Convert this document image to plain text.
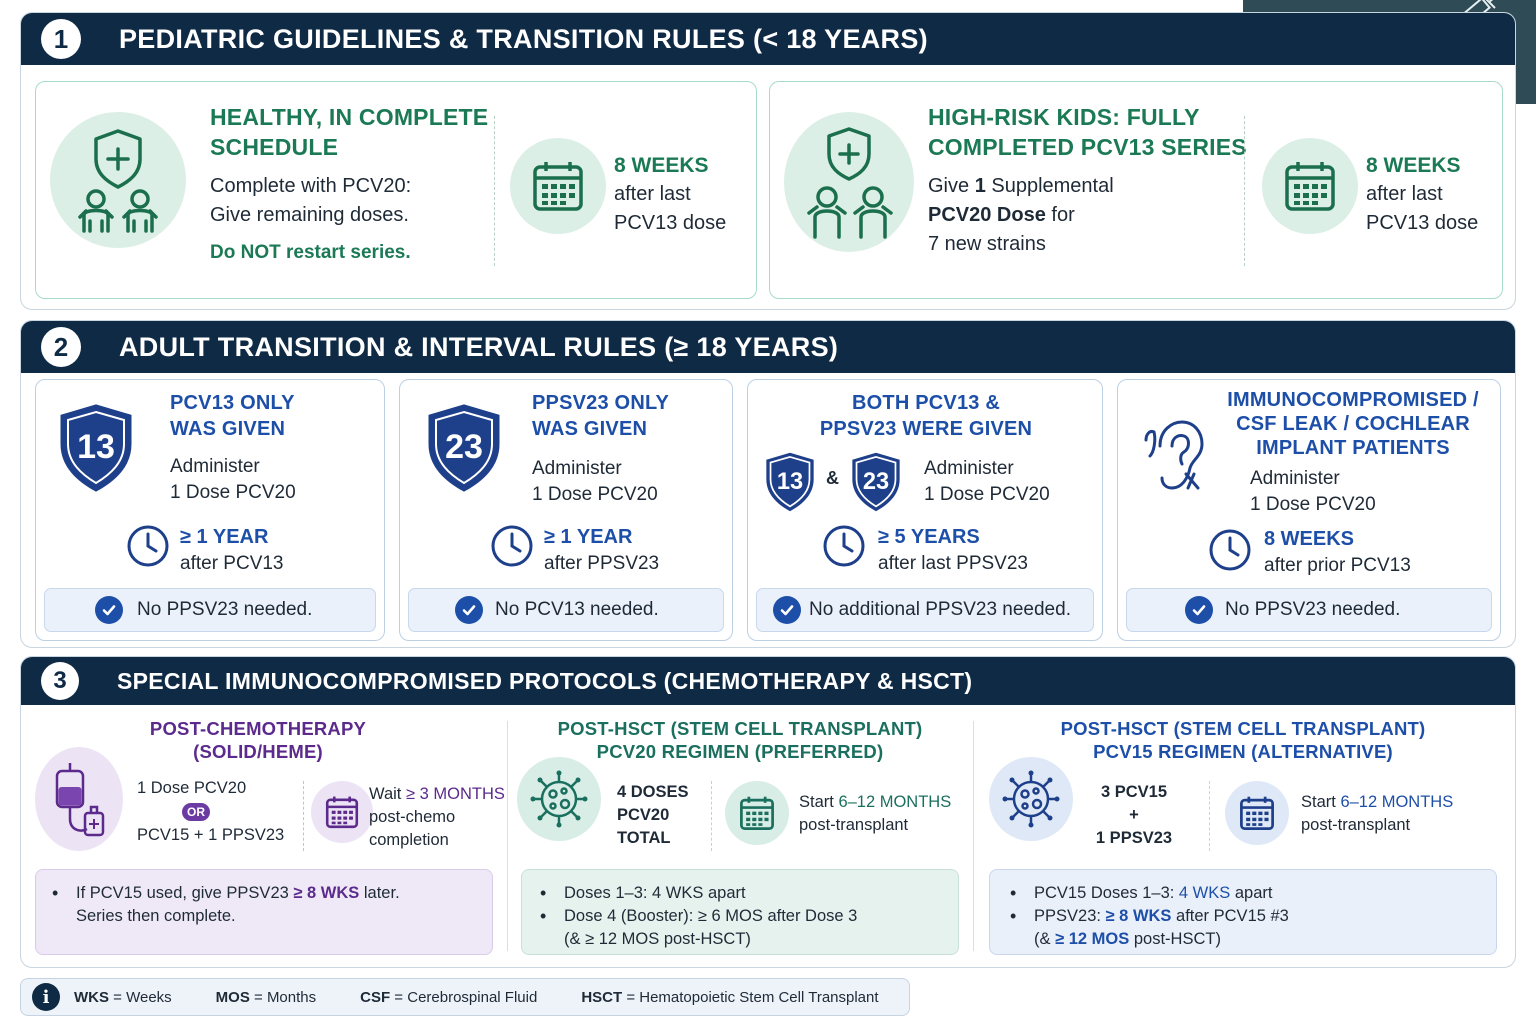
1	PEDIATRIC GUIDELINES & TRANSITION RULES (< 18 YEARS)
HEALTHY, IN COMPLETE
SCHEDULE
Complete with PCV20:
Give remaining doses.
Do NOT restart series.
8 WEEKS
after last
PCV13 dose
HIGH-RISK KIDS: FULLY
COMPLETED PCV13 SERIES
Give 1 Supplemental
PCV20 Dose for
7 new strains
8 WEEKS
after last
PCV13 dose
2	ADULT TRANSITION & INTERVAL RULES (≥ 18 YEARS)
13
PCV13 ONLY
WAS GIVEN
Administer
1 Dose PCV20
≥ 1 YEAR
after PCV13
No PPSV23 needed.
23
PPSV23 ONLY
WAS GIVEN
Administer
1 Dose PCV20
≥ 1 YEAR
after PPSV23
No PCV13 needed.
BOTH PCV13 &
PPSV23 WERE GIVEN
13 & 23
Administer
1 Dose PCV20
≥ 5 YEARS
after last PPSV23
No additional PPSV23 needed.
IMMUNOCOMPROMISED /
CSF LEAK / COCHLEAR
IMPLANT PATIENTS
Administer
1 Dose PCV20
8 WEEKS
after prior PCV13
No PPSV23 needed.
3	SPECIAL IMMUNOCOMPROMISED PROTOCOLS (CHEMOTHERAPY & HSCT)
POST-CHEMOTHERAPY
(SOLID/HEME)
1 Dose PCV20
OR
PCV15 + 1 PPSV23
Wait ≥ 3 MONTHS
post-chemo
completion
• If PCV15 used, give PPSV23 ≥ 8 WKS later.
Series then complete.
POST-HSCT (STEM CELL TRANSPLANT)
PCV20 REGIMEN (PREFERRED)
4 DOSES
PCV20
TOTAL
Start 6–12 MONTHS
post-transplant
• Doses 1–3: 4 WKS apart
• Dose 4 (Booster): ≥ 6 MOS after Dose 3
(& ≥ 12 MOS post-HSCT)
POST-HSCT (STEM CELL TRANSPLANT)
PCV15 REGIMEN (ALTERNATIVE)
3 PCV15
+
1 PPSV23
Start 6–12 MONTHS
post-transplant
• PCV15 Doses 1–3: 4 WKS apart
• PPSV23: ≥ 8 WKS after PCV15 #3
(& ≥ 12 MOS post-HSCT)
i	WKS = Weeks	MOS = Months	CSF = Cerebrospinal Fluid	HSCT = Hematopoietic Stem Cell Transplant
